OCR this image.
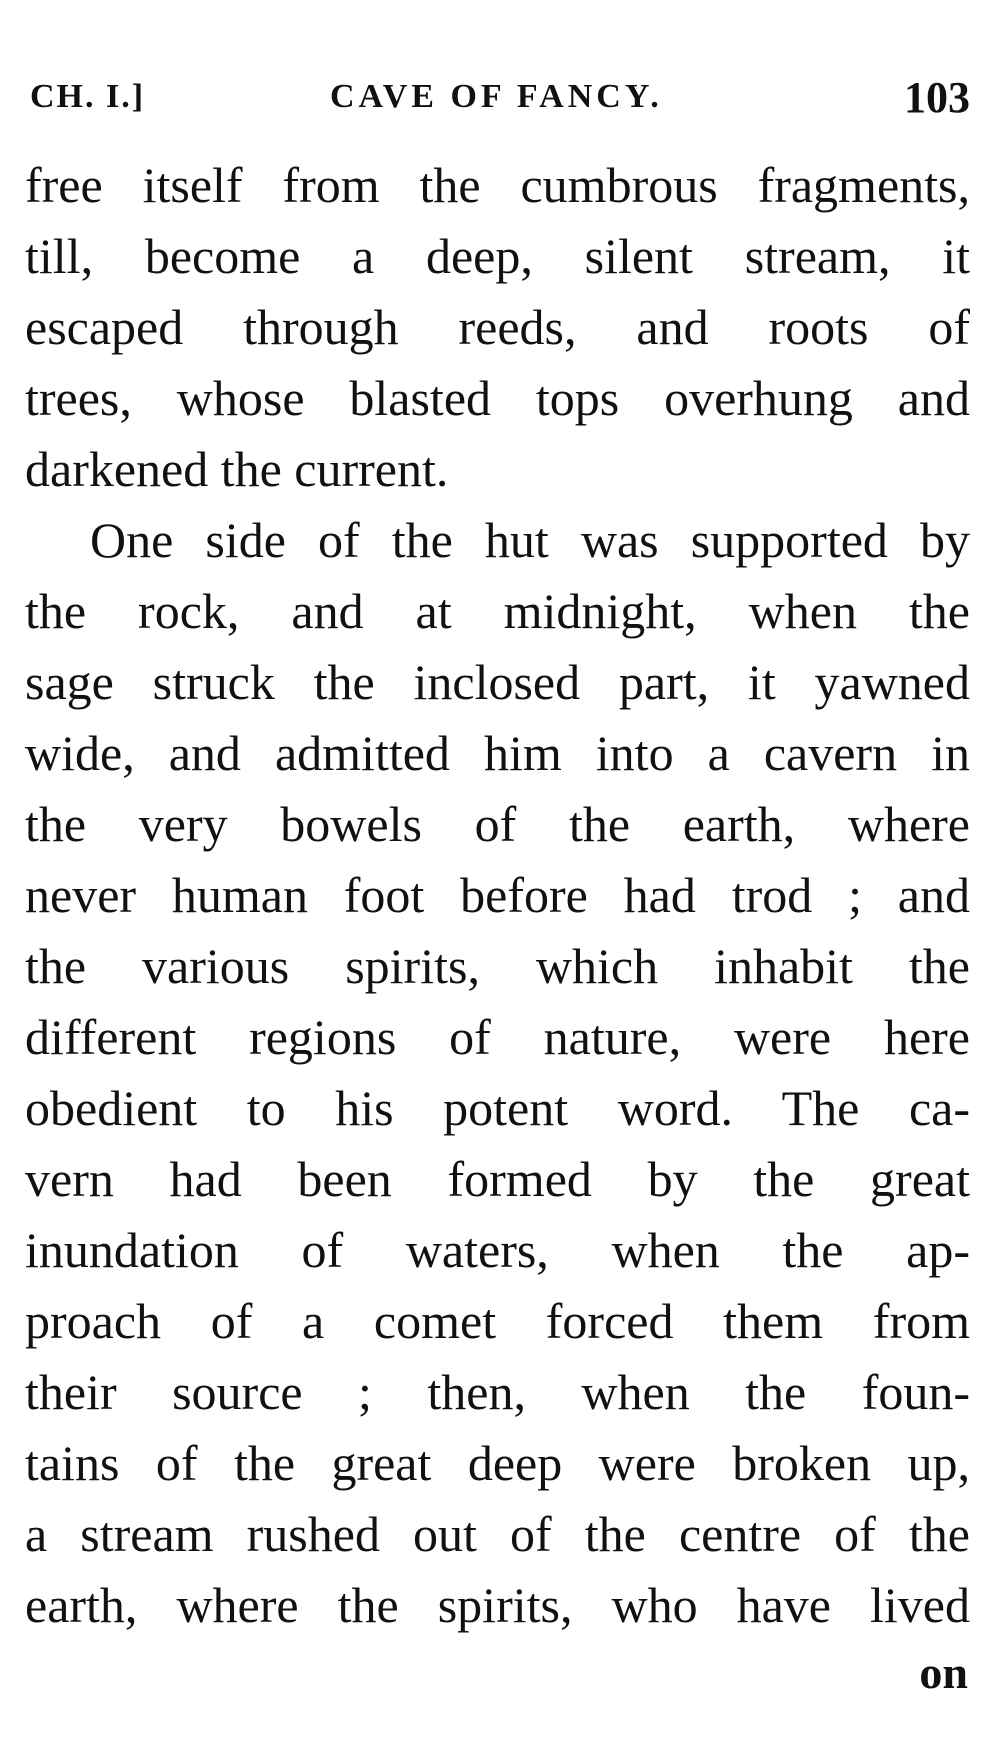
CH. I.]	CAVE OF FANCY.	103
free itself from the cumbrous fragments,
till, become a deep, silent stream, it
escaped through reeds, and roots of
trees, whose blasted tops overhung and
darkened the current.
One side of the hut was supported by
the rock, and at midnight, when the
sage struck the inclosed part, it yawned
wide, and admitted him into a cavern in
the very bowels of the earth, where
never human foot before had trod ; and
the various spirits, which inhabit the
different regions of nature, were here
obedient to his potent word. The ca-
vern had been formed by the great
inundation of waters, when the ap-
proach of a comet forced them from
their source ; then, when the foun-
tains of the great deep were broken up,
a stream rushed out of the centre of the
earth, where the spirits, who have lived
on
